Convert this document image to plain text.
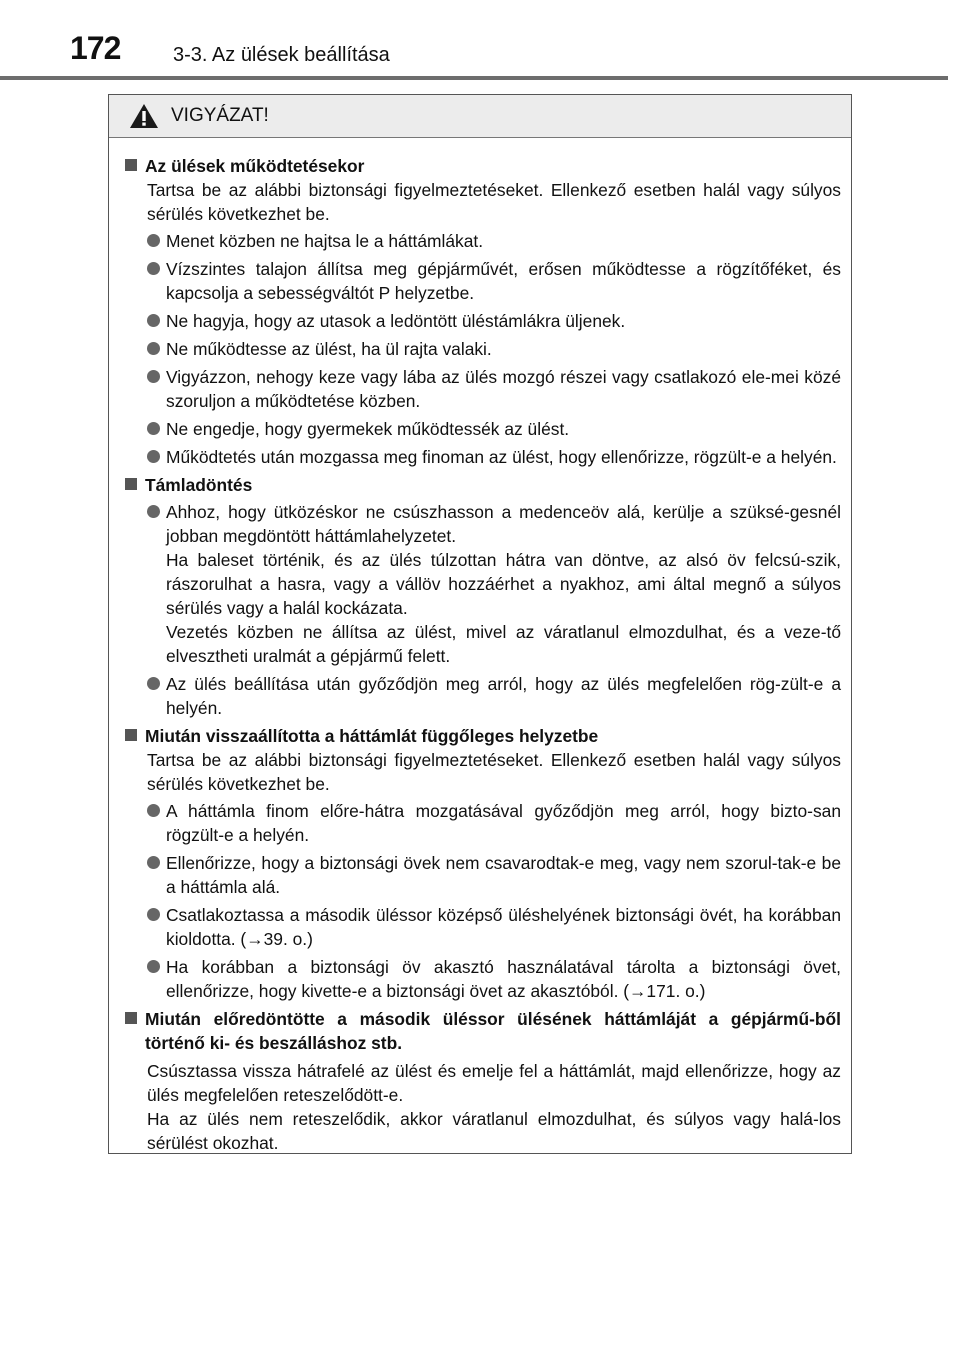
172	3-3. Az ülések beállítása
VIGYÁZAT!
Az ülések működtetésekor
Tartsa be az alábbi biztonsági figyelmeztetéseket. Ellenkező esetben halál vagy súlyos sérülés következhet be.
Menet közben ne hajtsa le a háttámlákat.
Vízszintes talajon állítsa meg gépjárművét, erősen működtesse a rögzítőféket, és kapcsolja a sebességváltót P helyzetbe.
Ne hagyja, hogy az utasok a ledöntött üléstámlákra üljenek.
Ne működtesse az ülést, ha ül rajta valaki.
Vigyázzon, nehogy keze vagy lába az ülés mozgó részei vagy csatlakozó ele-mei közé szoruljon a működtetése közben.
Ne engedje, hogy gyermekek működtessék az ülést.
Működtetés után mozgassa meg finoman az ülést, hogy ellenőrizze, rögzült-e a helyén.
Támladöntés
Ahhoz, hogy ütközéskor ne csúszhasson a medenceöv alá, kerülje a szüksé-gesnél jobban megdöntött háttámlahelyzetet.
Ha baleset történik, és az ülés túlzottan hátra van döntve, az alsó öv felcsú-szik, rászorulhat a hasra, vagy a vállöv hozzáérhet a nyakhoz, ami által megnő a súlyos sérülés vagy a halál kockázata.
Vezetés közben ne állítsa az ülést, mivel az váratlanul elmozdulhat, és a veze-tő elvesztheti uralmát a gépjármű felett.
Az ülés beállítása után győződjön meg arról, hogy az ülés megfelelően rög-zült-e a helyén.
Miután visszaállította a háttámlát függőleges helyzetbe
Tartsa be az alábbi biztonsági figyelmeztetéseket. Ellenkező esetben halál vagy súlyos sérülés következhet be.
A háttámla finom előre-hátra mozgatásával győződjön meg arról, hogy bizto-san rögzült-e a helyén.
Ellenőrizze, hogy a biztonsági övek nem csavarodtak-e meg, vagy nem szorul-tak-e be a háttámla alá.
Csatlakoztassa a második üléssor középső üléshelyének biztonsági övét, ha korábban kioldotta. (→39. o.)
Ha korábban a biztonsági öv akasztó használatával tárolta a biztonsági övet, ellenőrizze, hogy kivette-e a biztonsági övet az akasztóból. (→171. o.)
Miután előredöntötte a második üléssor ülésének háttámláját a gépjármű-ből történő ki- és beszálláshoz stb.
Csúsztassa vissza hátrafelé az ülést és emelje fel a háttámlát, majd ellenőrizze, hogy az ülés megfelelően reteszelődött-e.
Ha az ülés nem reteszelődik, akkor váratlanul elmozdulhat, és súlyos vagy halá-los sérülést okozhat.
